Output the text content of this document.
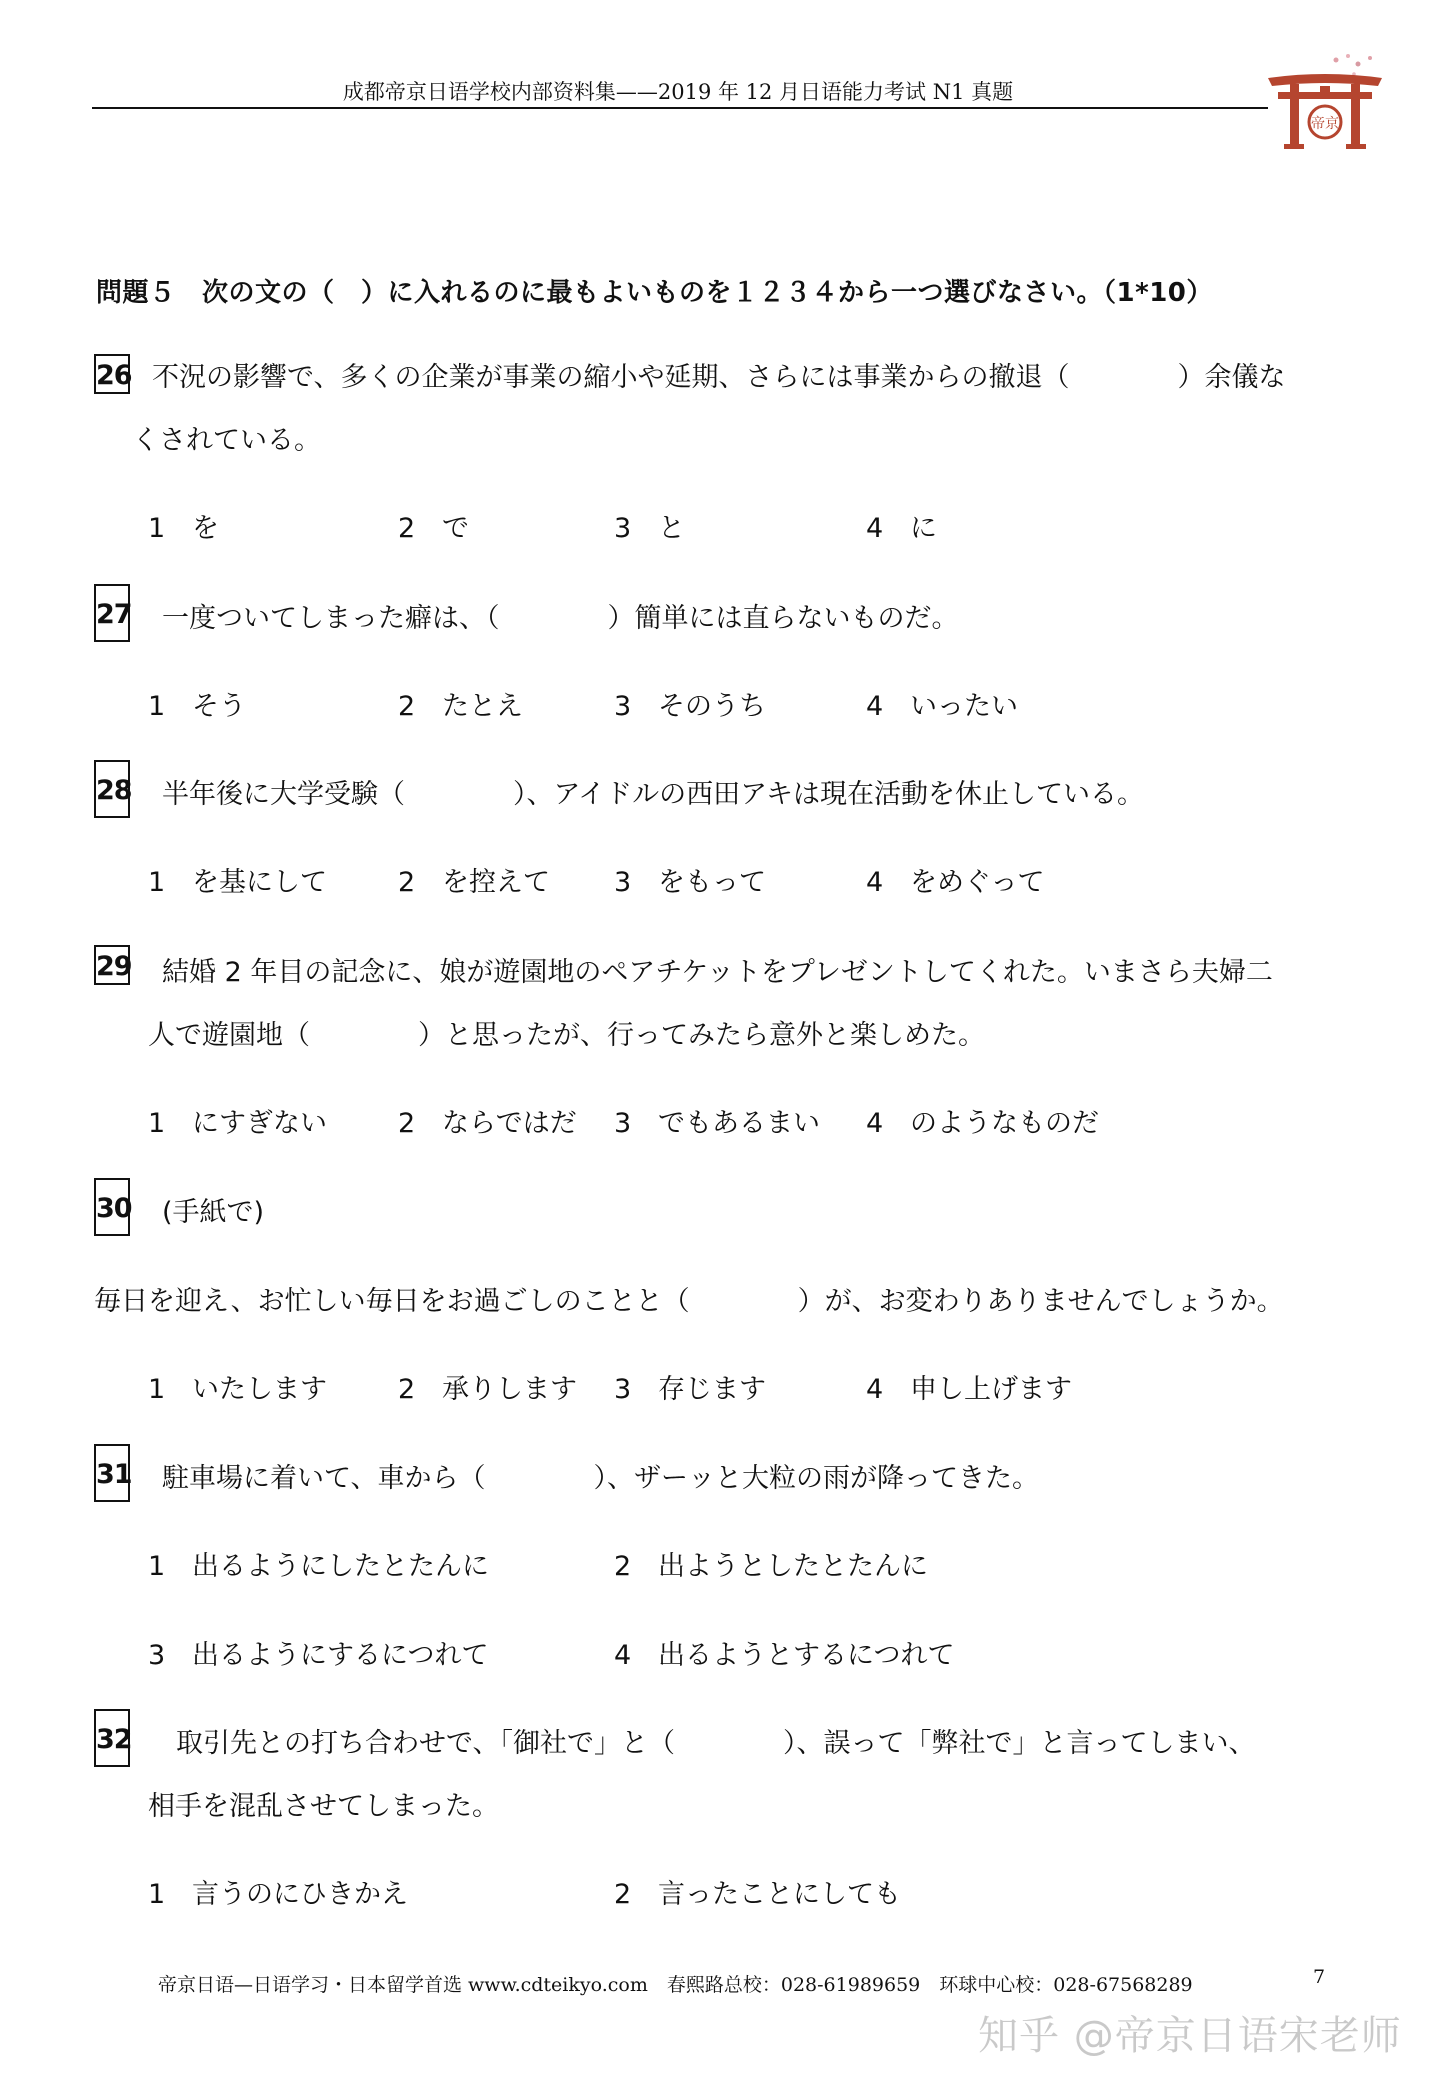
成都帝京日语学校内部资料集——2019 年 12 月日语能力考试 N1 真题
帝京
問題５　次の文の（　）に入れるのに最もよいものを１２３４から一つ選びなさい。（1*10）
26 不況の影響で、多くの企業が事業の縮小や延期、さらには事業からの撤退（　　　　）余儀な
くされている。
1 を	2 で	3 と	4 に
27 一度ついてしまった癖は、（　　　　）簡単には直らないものだ。
1 そう	2 たとえ	3 そのうち	4 いったい
28 半年後に大学受験（　　　　）、アイドルの西田アキは現在活動を休止している。
1 を基にして	2 を控えて 3 をもって	4 をめぐって
29 結婚 2 年目の記念に、娘が遊園地のペアチケットをプレゼントしてくれた。いまさら夫婦二
人で遊園地（　　　　）と思ったが、行ってみたら意外と楽しめた。
1 にすぎない	2 ならではだ 3 でもあるまい 4 のようなものだ
30 (手紙で)
毎日を迎え、お忙しい毎日をお過ごしのことと（　　　　）が、お変わりありませんでしょうか。
1 いたします	2 承りします 3 存じます	4 申し上げます
31 駐車場に着いて、車から（　　　　）、ザーッと大粒の雨が降ってきた。
1 出るようにしたとたんに	2 出ようとしたとたんに
3 出るようにするにつれて	4 出るようとするにつれて
32 取引先との打ち合わせで、「御社で」と（　　　　）、誤って「弊社で」と言ってしまい、
相手を混乱させてしまった。
1 言うのにひきかえ	2 言ったことにしても
帝京日语—日语学习・日本留学首选 www.cdteikyo.com　春熙路总校：028-61989659　环球中心校：028-67568289	7
知乎 @帝京日语宋老师
